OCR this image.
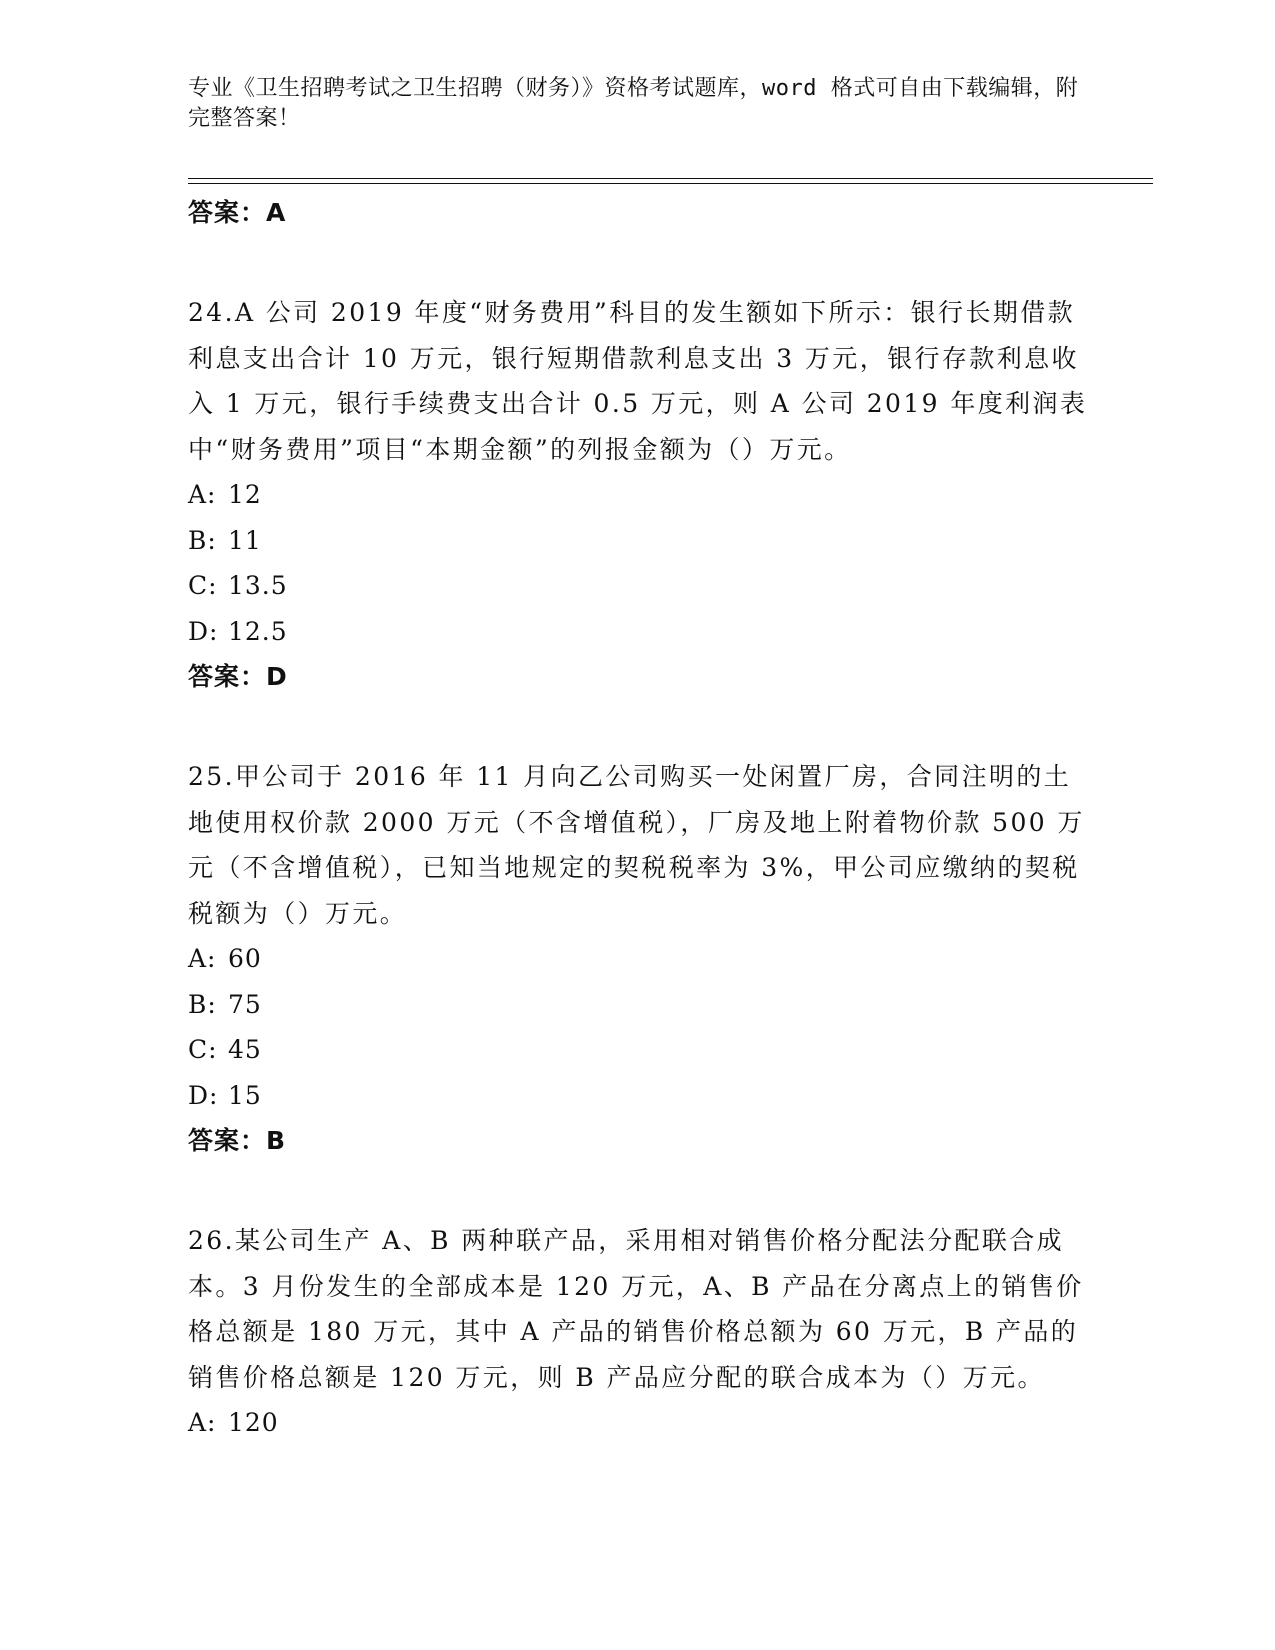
专业《卫生招聘考试之卫生招聘（财务）》资格考试题库，word 格式可自由下载编辑，附完整答案！
答案：A
24.A 公司 2019 年度“财务费用”科目的发生额如下所示：银行长期借款利息支出合计 10 万元，银行短期借款利息支出 3 万元，银行存款利息收入 1 万元，银行手续费支出合计 0.5 万元，则 A 公司 2019 年度利润表中“财务费用”项目“本期金额”的列报金额为（）万元。
A: 12
B: 11
C: 13.5
D: 12.5
答案：D
25.甲公司于 2016 年 11 月向乙公司购买一处闲置厂房，合同注明的土地使用权价款 2000 万元（不含增值税），厂房及地上附着物价款 500 万元（不含增值税），已知当地规定的契税税率为 3%，甲公司应缴纳的契税税额为（）万元。
A: 60
B: 75
C: 45
D: 15
答案：B
26.某公司生产 A、B 两种联产品，采用相对销售价格分配法分配联合成本。3 月份发生的全部成本是 120 万元，A、B 产品在分离点上的销售价格总额是 180 万元，其中 A 产品的销售价格总额为 60 万元，B 产品的销售价格总额是 120 万元，则 B 产品应分配的联合成本为（）万元。
A: 120
